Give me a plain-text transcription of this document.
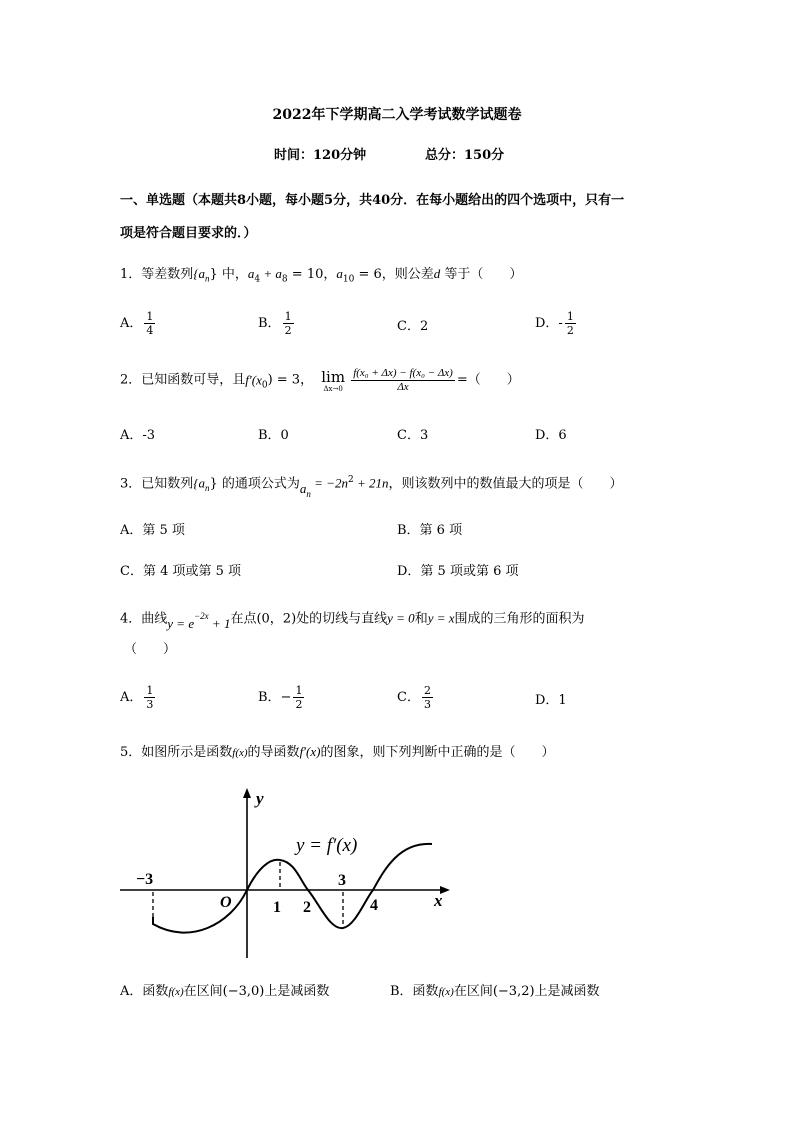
2022年下学期高二入学考试数学试题卷
时间：120分钟	总分：150分
一、单选题（本题共8小题，每小题5分，共40分．在每小题给出的四个选项中，只有一
项是符合题目要求的．）
1．等差数列$\{a_n\}$ 中，$a_4 + a_8 = 10$，$a_{10} = 6$，则公差d 等于（　　）
A． $\frac{1}{4}$	B． $\frac{1}{2}$	C．2	D．- $\frac{1}{2}$
2．已知函数可导，且$f'(x_0) = 3$， lim
Δx→0
$\frac{\text{f(x₀ + Δx) − f(x₀ − Δx)}}{\Delta x}$ =（　　）
A．-3	B．0	C．3	D．6
3．已知数列$\{a_n\}$ 的通项公式为$a_n = -2n^2 + 21n$，则该数列中的数值最大的项是（　　）
A．第 5 项	B．第 6 项
C．第 4 项或第 5 项	D．第 5 项或第 6 项
4．曲线$y = e^{-2x} + 1$在点(0，2)处的切线与直线y = 0和y = x围成的三角形的面积为
（　　）
A． $\frac{1}{3}$	B．− $\frac{1}{2}$	C． $\frac{2}{3}$	D．1
5．如图所示是函数f(x)的导函数f′(x)的图象，则下列判断中正确的是（　　）
y
x
y = f′(x)
O
−3
1 2
3
4
A．函数f(x)在区间(−3,0)上是减函数	B．函数f(x)在区间(−3,2)上是减函数
